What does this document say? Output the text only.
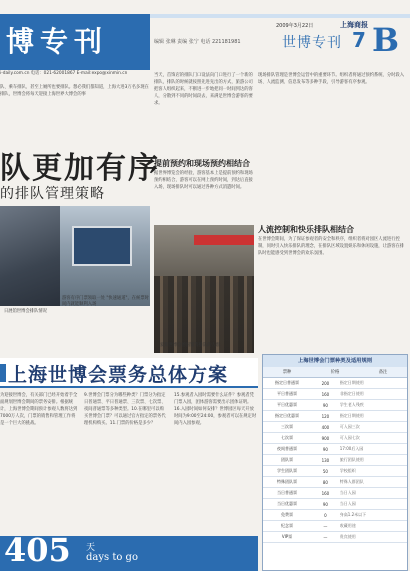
博专刊
i-daily.com.cn 电话：021-62001867 E-mail:expo@xinmin.cn
2009年3月22日	上海商报
编辑 张琳 责编 张宁 电话 221181981	世博专刊 7 B
队、乘车排队、甚至上厕所也要排队。想必我们都知道，上海大进3万名多现在排队，世博会将每天迎接上海世界大博会的事
当天，首饰店的排队门口设法向门口进行了一个新的排队，排队的时候就按照先进先出的方式，旅游公司把客人组织起来，不断进一步地把同一时间到达的客人，分散到不同的时间段去，来满足世博会游客的要求。
现场排队管理是世博会运营中的重要环节。组织者将通过预约系统、分时段入场、人流监测、信息发布等多种手段，引导游客有序参观。
队更加有序
的排队管理策略
提前预约和现场预约相结合
据世界博览会的经验，游客基本上是提前预约和现场预约相结合，游客可以在网上预约时间，到达后直接入场，现场排队时可以通过各种方式消遣时间。
人流控制和快乐排队相结合
在世博会期间，为了保证参观者的安全和秩序，组织者将对园区人流进行控制，同时引入快乐排队的理念，在排队区域设置娱乐和休闲设施，让游客在排队时也能感受到世博会的欢乐氛围。
游客有序门票领取一处 "快速通道"，在候票时间内就能顺利入场
日展馆世博会排队情况
爱知世博会德国馆等排队的人群
上海世博会票务总体方案
为迎接世博会，有关部门已经开始着手全面规划世博会期间的票务安排。根据统计，上海世博会期间预计参观人数将达到7000万人次，门票的销售和管理工作将是一个巨大的挑战。
9.世博会门票分为哪些种类？门票分为指定日普通票、平日普通票、三次票、七次票、夜间普通票等多种类型。10.在哪里可以购买世博会门票？可以通过官方指定的票务代理机构购买。11.门票的价格是多少？
15.参观者入园时需要什么证件？参观者凭门票入园，团体游客需要出示团体证明。16.入园时间如何安排？世博园区每天开放时间为9:00至24:00，参观者可以在规定时间内入园参观。
405 天
days to go
上海世博会门票种类及适用规则
票种	价格	备注
指定日普通票	200	指定日期使用
平日普通票	160	非指定日使用
平日优惠票	90	学生老人残疾
指定日优惠票	120	指定日期使用
三次票	400	可入园三次
七次票	900	可入园七次
夜间普通票	90	17:00后入园
团队票	130	旅行团队使用
学生团队票	50	学校组织
特殊团队票	80	特殊人群团队
当日普通票	160	当日入园
当日优惠票	90	当日入园
免费票	0	身高1.2米以下
纪念票	—	收藏用途
VIP票	—	贵宾使用
